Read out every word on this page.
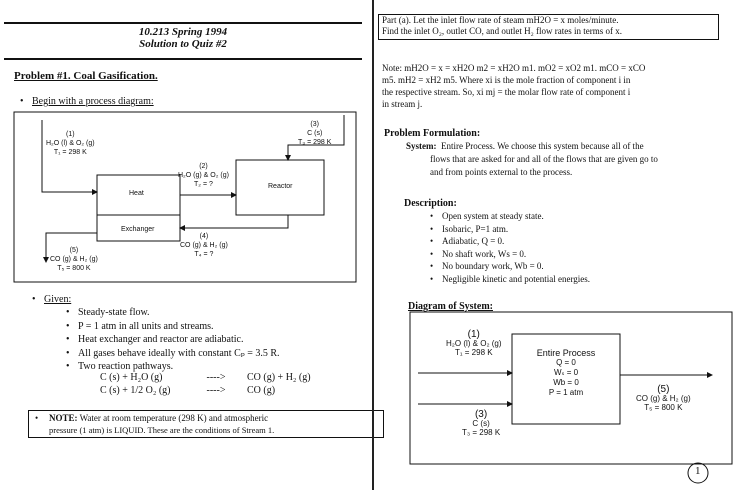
10.213 Spring 1994
Solution to Quiz #2
Problem #1. Coal Gasification.
Begin with a process diagram:
(1)
H₂O (l) & O₂ (g)
T₁ = 298 K
(2)
H₂O (g) & O₂ (g)
T₂ = ?
(3)
C (s)
T₃ = 298 K
(4)
CO (g) & H₂ (g)
T₄ = ?
(5)
CO (g) & H₂ (g)
T₅ = 800 K
Heat
Exchanger
Reactor
Given:
• Steady-state flow.
• P = 1 atm in all units and streams.
• Heat exchanger and reactor are adiabatic.
• All gases behave ideally with constant Cₚ = 3.5 R.
• Two reaction pathways.
C (s) + H₂O (g)	----> CO (g) + H₂ (g)
C (s) + 1/2 O₂ (g)	----> CO (g)
• NOTE: Water at room temperature (298 K) and atmospheric
pressure (1 atm) is LIQUID. These are the conditions of Stream 1.
Part (a). Let the inlet flow rate of steam mH2O = x moles/minute.
Find the inlet O₂, outlet CO, and outlet H₂ flow rates in terms of x.
Note: mH2O = x = xH2O m2 = xH2O m1. mO2 = xO2 m1. mCO = xCO
m5. mH2 = xH2 m5. Where xi is the mole fraction of component i in
the respective stream. So, xi mj = the molar flow rate of component i
in stream j.
Problem Formulation:
System: Entire Process. We choose this system because all of the
flows that are asked for and all of the flows that are given go to
and from points external to the process.
Description:
• Open system at steady state.
• Isobaric, P=1 atm.
• Adiabatic, Q = 0.
• No shaft work, Ws = 0.
• No boundary work, Wb = 0.
• Negligible kinetic and potential energies.
Diagram of System:
(1)
H₂O (l) & O₂ (g)
T₁ = 298 K
(3)
C (s)
T₃ = 298 K
(5)
CO (g) & H₂ (g)
T₅ = 800 K
Entire Process
Q = 0
Wₛ = 0
Wb = 0
P = 1 atm
1
